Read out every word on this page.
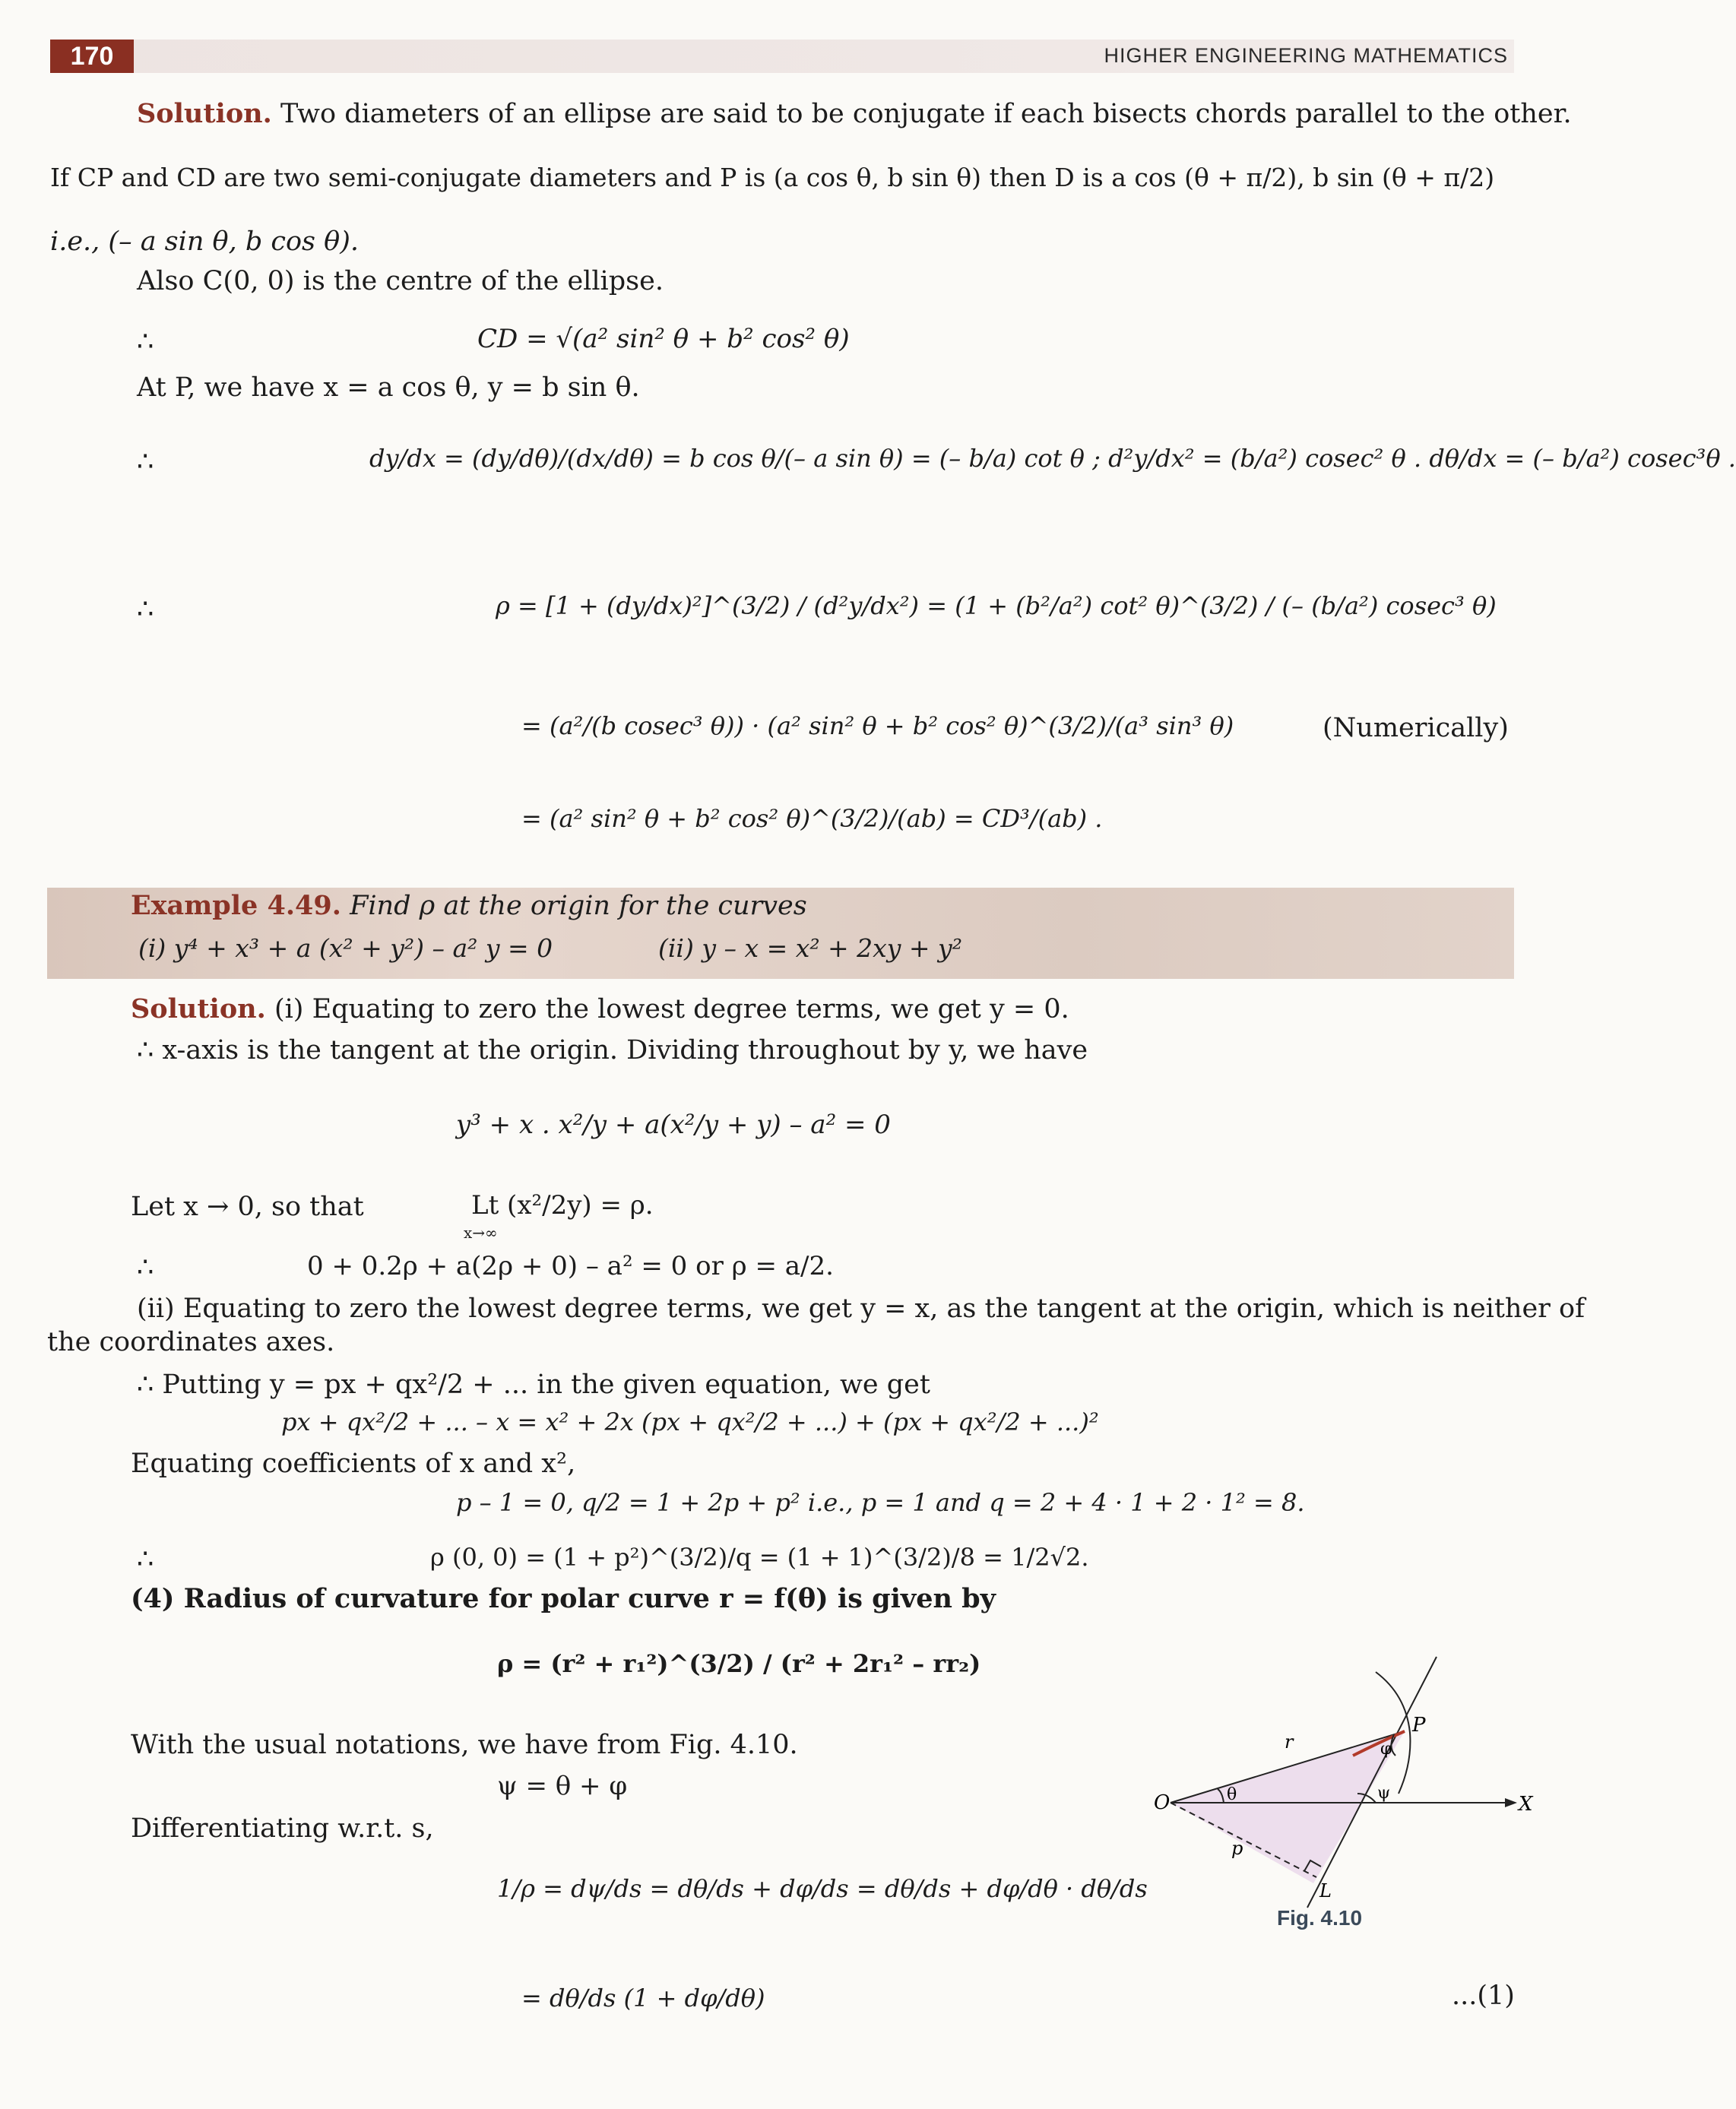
170	HIGHER ENGINEERING MATHEMATICS
Solution. Two diameters of an ellipse are said to be conjugate if each bisects chords parallel to the other.
If CP and CD are two semi-conjugate diameters and P is (a cos θ, b sin θ) then D is a cos (θ + π/2), b sin (θ + π/2)
i.e., (– a sin θ, b cos θ).
Also C(0, 0) is the centre of the ellipse.
∴	CD = √(a² sin² θ + b² cos² θ)
At P, we have x = a cos θ, y = b sin θ.
∴	dy/dx = (dy/dθ)/(dx/dθ) = b cos θ/(– a sin θ) = (– b/a) cot θ ; d²y/dx² = (b/a²) cosec² θ . dθ/dx = (– b/a²) cosec³θ .
∴	ρ = [1 + (dy/dx)²]^(3/2) / (d²y/dx²) = (1 + (b²/a²) cot² θ)^(3/2) / (– (b/a²) cosec³ θ)
= (a²/(b cosec³ θ)) · (a² sin² θ + b² cos² θ)^(3/2)/(a³ sin³ θ)	(Numerically)
= (a² sin² θ + b² cos² θ)^(3/2)/(ab) = CD³/(ab) .
Example 4.49. Find ρ at the origin for the curves
(i) y⁴ + x³ + a (x² + y²) – a² y = 0	(ii) y – x = x² + 2xy + y²
Solution. (i) Equating to zero the lowest degree terms, we get y = 0.
∴ x-axis is the tangent at the origin. Dividing throughout by y, we have
y³ + x . x²/y + a(x²/y + y) – a² = 0
Let x → 0, so that	Lt (x²/2y) = ρ.
x→∞
∴	0 + 0.2ρ + a(2ρ + 0) – a² = 0 or ρ = a/2.
(ii) Equating to zero the lowest degree terms, we get y = x, as the tangent at the origin, which is neither of
the coordinates axes.
∴ Putting y = px + qx²/2 + ... in the given equation, we get
px + qx²/2 + ... – x = x² + 2x (px + qx²/2 + ...) + (px + qx²/2 + ...)²
Equating coefficients of x and x²,
p – 1 = 0, q/2 = 1 + 2p + p² i.e., p = 1 and q = 2 + 4 · 1 + 2 · 1² = 8.
∴	ρ (0, 0) = (1 + p²)^(3/2)/q = (1 + 1)^(3/2)/8 = 1/2√2.
(4) Radius of curvature for polar curve r = f(θ) is given by
ρ = (r² + r₁²)^(3/2) / (r² + 2r₁² – rr₂)
With the usual notations, we have from Fig. 4.10.
ψ = θ + φ
Differentiating w.r.t. s,
1/ρ = dψ/ds = dθ/ds + dφ/ds = dθ/ds + dφ/dθ · dθ/ds
= dθ/ds (1 + dφ/dθ)	...(1)
O
P
X
L
r
p
θ
φ
ψ
Fig. 4.10
